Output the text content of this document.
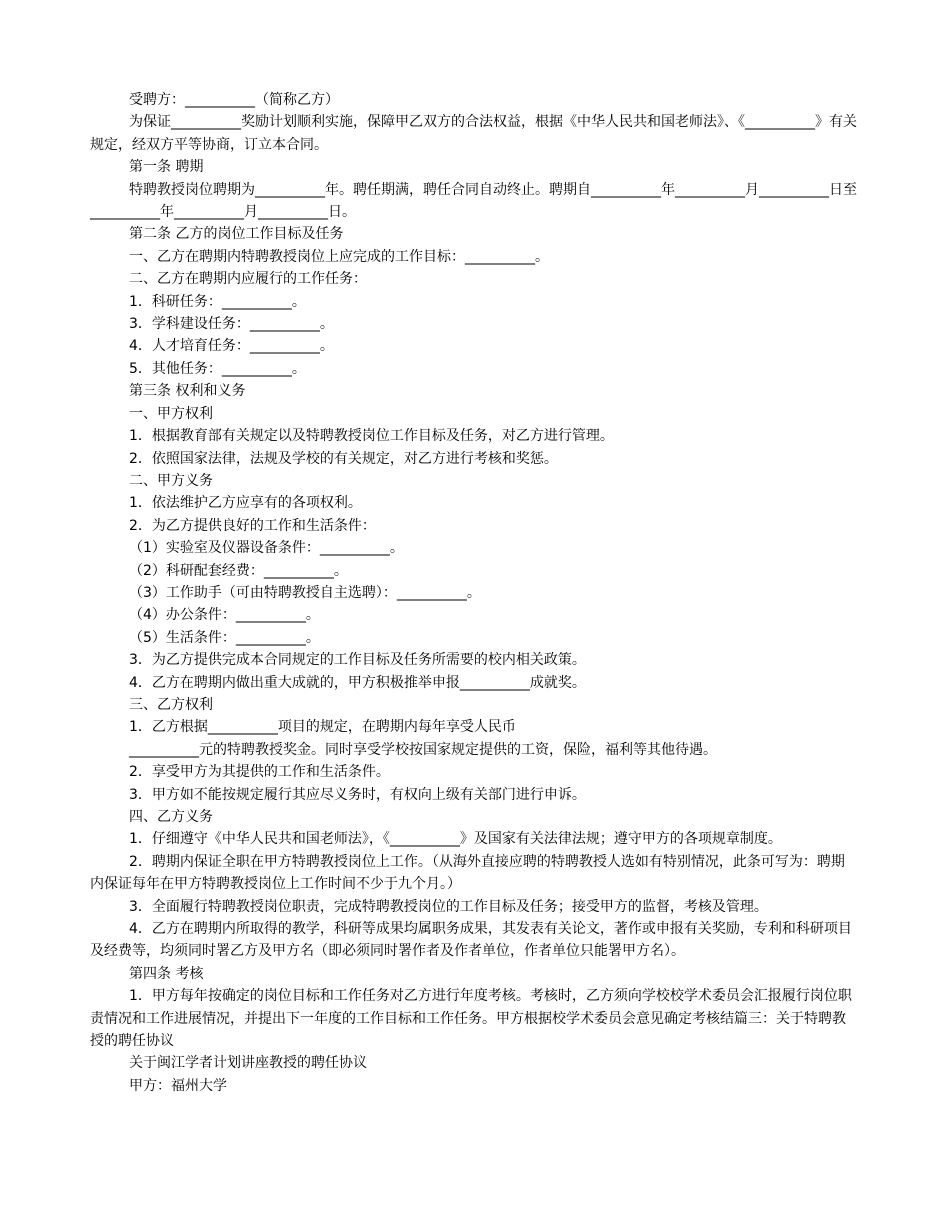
受聘方：__________（简称乙方）

为保证__________奖励计划顺利实施，保障甲乙双方的合法权益，根据《中华人民共和国老师法》、《__________》有关规定，经双方平等协商，订立本合同。

第一条 聘期

特聘教授岗位聘期为__________年。聘任期满，聘任合同自动终止。聘期自__________年__________月__________日至__________年__________月__________日。

第二条 乙方的岗位工作目标及任务

一、乙方在聘期内特聘教授岗位上应完成的工作目标：__________。

二、乙方在聘期内应履行的工作任务：

1．科研任务：__________。

3．学科建设任务：__________。

4．人才培育任务：__________。

5．其他任务：__________。

第三条 权利和义务

一、甲方权利

1．根据教育部有关规定以及特聘教授岗位工作目标及任务，对乙方进行管理。

2．依照国家法律，法规及学校的有关规定，对乙方进行考核和奖惩。

二、甲方义务

1．依法维护乙方应享有的各项权利。

2．为乙方提供良好的工作和生活条件：

（1）实验室及仪器设备条件：__________。

（2）科研配套经费：__________。

（3）工作助手（可由特聘教授自主选聘）：__________。

（4）办公条件：__________。

（5）生活条件：__________。

3．为乙方提供完成本合同规定的工作目标及任务所需要的校内相关政策。

4．乙方在聘期内做出重大成就的，甲方积极推举申报__________成就奖。

三、乙方权利

1．乙方根据__________项目的规定，在聘期内每年享受人民币

__________元的特聘教授奖金。同时享受学校按国家规定提供的工资，保险，福利等其他待遇。

2．享受甲方为其提供的工作和生活条件。

3．甲方如不能按规定履行其应尽义务时，有权向上级有关部门进行申诉。

四、乙方义务

1．仔细遵守《中华人民共和国老师法》，《__________》及国家有关法律法规；遵守甲方的各项规章制度。

2．聘期内保证全职在甲方特聘教授岗位上工作。（从海外直接应聘的特聘教授人选如有特别情况，此条可写为：聘期内保证每年在甲方特聘教授岗位上工作时间不少于九个月。）

3．全面履行特聘教授岗位职责，完成特聘教授岗位的工作目标及任务；接受甲方的监督，考核及管理。

4．乙方在聘期内所取得的教学，科研等成果均属职务成果，其发表有关论文，著作或申报有关奖励，专利和科研项目及经费等，均须同时署乙方及甲方名（即必须同时署作者及作者单位，作者单位只能署甲方名）。

第四条 考核

1．甲方每年按确定的岗位目标和工作任务对乙方进行年度考核。考核时，乙方须向学校校学术委员会汇报履行岗位职责情况和工作进展情况，并提出下一年度的工作目标和工作任务。甲方根据校学术委员会意见确定考核结篇三：关于特聘教授的聘任协议

关于闽江学者计划讲座教授的聘任协议

甲方：福州大学
